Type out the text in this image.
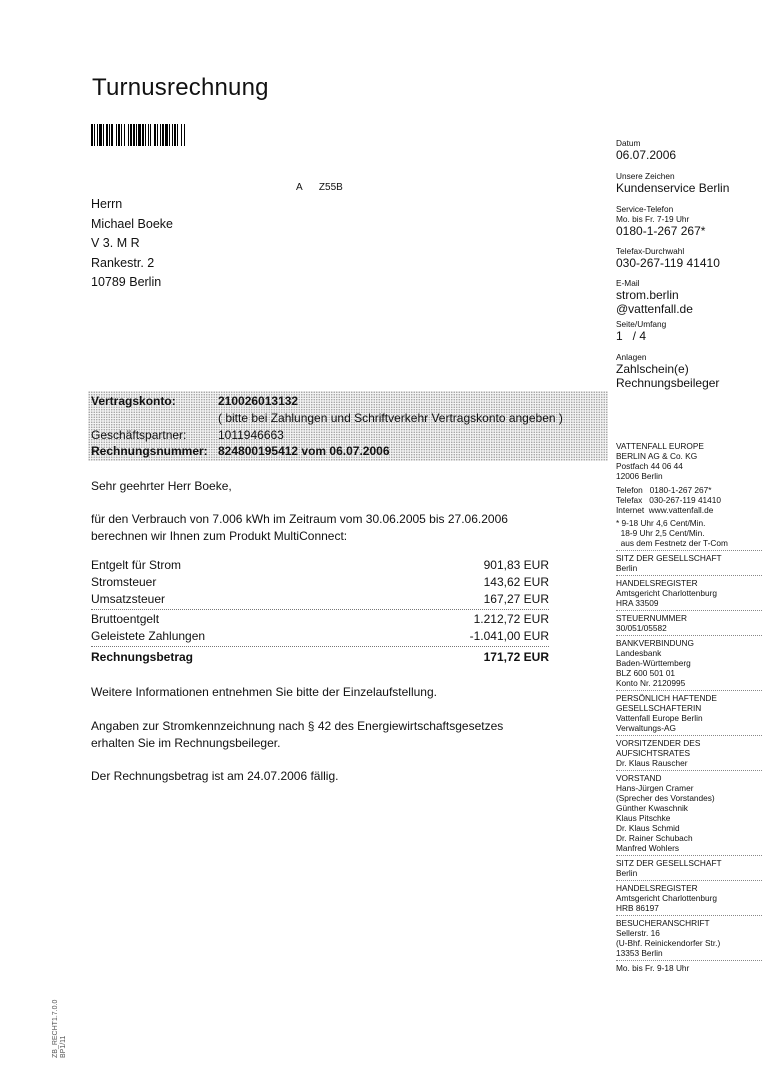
Turnusrechnung
A Z55B
Herrn
Michael Boeke
V 3. M R
Rankestr. 2
10789 Berlin
Datum
06.07.2006
Unsere Zeichen
Kundenservice Berlin
Service-Telefon
Mo. bis Fr. 7-19 Uhr
0180-1-267 267*
Telefax-Durchwahl
030-267-119 41410
E-Mail
strom.berlin
@vattenfall.de
Seite/Umfang
1   / 4
Anlagen
Zahlschein(e)
Rechnungsbeileger
Vertragskonto:	210026013132
( bitte bei Zahlungen und Schriftverkehr Vertragskonto angeben )
Geschäftspartner:	1011946663
Rechnungsnummer: 824800195412 vom 06.07.2006
Sehr geehrter Herr Boeke,
für den Verbrauch von 7.006 kWh im Zeitraum vom 30.06.2005 bis 27.06.2006
berechnen wir Ihnen zum Produkt MultiConnect:
Entgelt für Strom	901,83 EUR
Stromsteuer	143,62 EUR
Umsatzsteuer	167,27 EUR
Bruttoentgelt	1.212,72 EUR
Geleistete Zahlungen	-1.041,00 EUR
Rechnungsbetrag	171,72 EUR
Weitere Informationen entnehmen Sie bitte der Einzelaufstellung.
Angaben zur Stromkennzeichnung nach § 42 des Energiewirtschaftsgesetzes
erhalten Sie im Rechnungsbeileger.
Der Rechnungsbetrag ist am 24.07.2006 fällig.
VATTENFALL EUROPE
BERLIN AG & Co. KG
Postfach 44 06 44
12006 Berlin
Telefon   0180-1-267 267*
Telefax   030-267-119 41410
Internet  www.vattenfall.de
* 9-18 Uhr 4,6 Cent/Min.
18-9 Uhr 2,5 Cent/Min.
aus dem Festnetz der T-Com
SITZ DER GESELLSCHAFT
Berlin
HANDELSREGISTER
Amtsgericht Charlottenburg
HRA 33509
STEUERNUMMER
30/051/05582
BANKVERBINDUNG
Landesbank
Baden-Württemberg
BLZ 600 501 01
Konto Nr. 2120995
PERSÖNLICH HAFTENDE
GESELLSCHAFTERIN
Vattenfall Europe Berlin
Verwaltungs-AG
VORSITZENDER DES
AUFSICHTSRATES
Dr. Klaus Rauscher
VORSTAND
Hans-Jürgen Cramer
(Sprecher des Vorstandes)
Günther Kwaschnik
Klaus Pitschke
Dr. Klaus Schmid
Dr. Rainer Schubach
Manfred Wohlers
SITZ DER GESELLSCHAFT
Berlin
HANDELSREGISTER
Amtsgericht Charlottenburg
HRB 86197
BESUCHERANSCHRIFT
Sellerstr. 16
(U-Bhf. Reinickendorfer Str.)
13353 Berlin
Mo. bis Fr. 9-18 Uhr
ZB_RECHT1.7.0.0 BP1/11
